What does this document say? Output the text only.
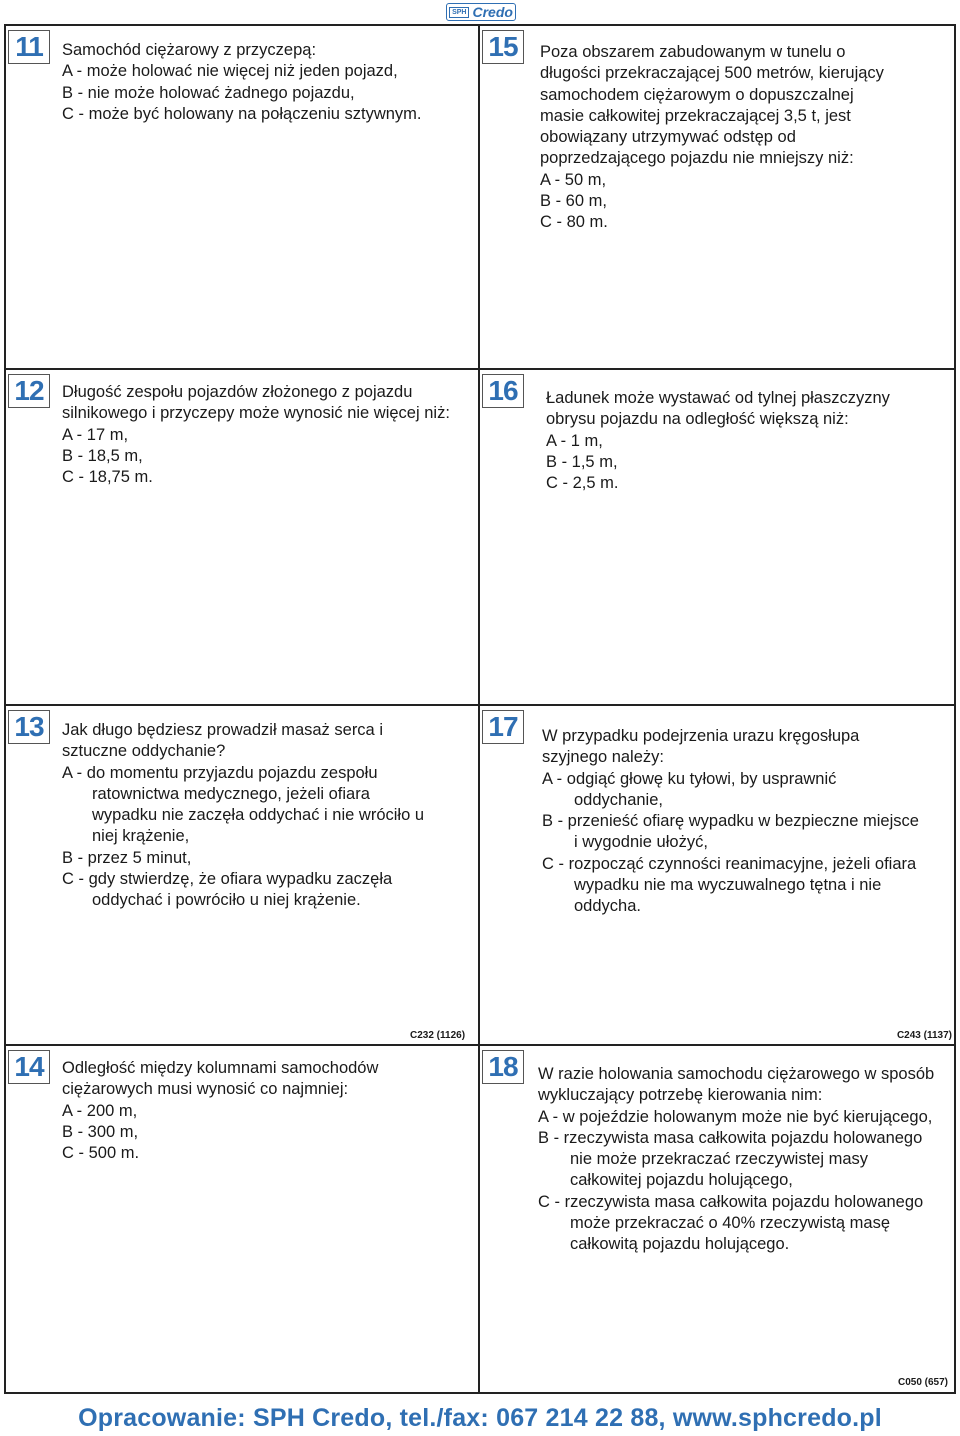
SPH Credo
11	Samochód ciężarowy z przyczepą:
A - może holować nie więcej niż jeden pojazd,
B - nie może holować żadnego pojazdu,
C - może być holowany na połączeniu sztywnym.
12	Długość zespołu pojazdów złożonego z pojazdu silnikowego i przyczepy może wynosić nie więcej niż:
A - 17 m,
B - 18,5 m,
C - 18,75 m.
13	Jak długo będziesz prowadził masaż serca i sztuczne oddychanie?
A - do momentu przyjazdu pojazdu zespołu ratownictwa medycznego, jeżeli ofiara wypadku nie zaczęła oddychać i nie wróciło u niej krążenie,
B - przez 5 minut,
C - gdy stwierdzę, że ofiara wypadku zaczęła oddychać i powróciło u niej krążenie.
14	Odległość między kolumnami samochodów ciężarowych musi wynosić co najmniej:
A - 200 m,
B - 300 m,
C - 500 m.
C232 (1126)
15	Poza obszarem zabudowanym w tunelu o długości przekraczającej 500 metrów, kierujący samochodem ciężarowym o dopuszczalnej masie całkowitej przekraczającej 3,5 t, jest obowiązany utrzymywać odstęp od poprzedzającego pojazdu nie mniejszy niż:
A - 50 m,
B - 60 m,
C - 80 m.
16	Ładunek może wystawać od tylnej płaszczyzny obrysu pojazdu na odległość większą niż:
A - 1 m,
B - 1,5 m,
C - 2,5 m.
17	W przypadku podejrzenia urazu kręgosłupa szyjnego należy:
A - odgiąć głowę ku tyłowi, by usprawnić oddychanie,
B - przenieść ofiarę wypadku w bezpieczne miejsce i wygodnie ułożyć,
C - rozpocząć czynności reanimacyjne, jeżeli ofiara wypadku nie ma wyczuwalnego tętna i nie oddycha.
18	W razie holowania samochodu ciężarowego w sposób wykluczający potrzebę kierowania nim:
A - w pojeździe holowanym może nie być kierującego,
B - rzeczywista masa całkowita pojazdu holowanego nie może przekraczać rzeczywistej masy całkowitej pojazdu holującego,
C - rzeczywista masa całkowita pojazdu holowanego może przekraczać o 40% rzeczywistą masę całkowitą pojazdu holującego.
C050 (657)
C243 (1137)
Opracowanie: SPH Credo, tel./fax: 067 214 22 88, www.sphcredo.pl
